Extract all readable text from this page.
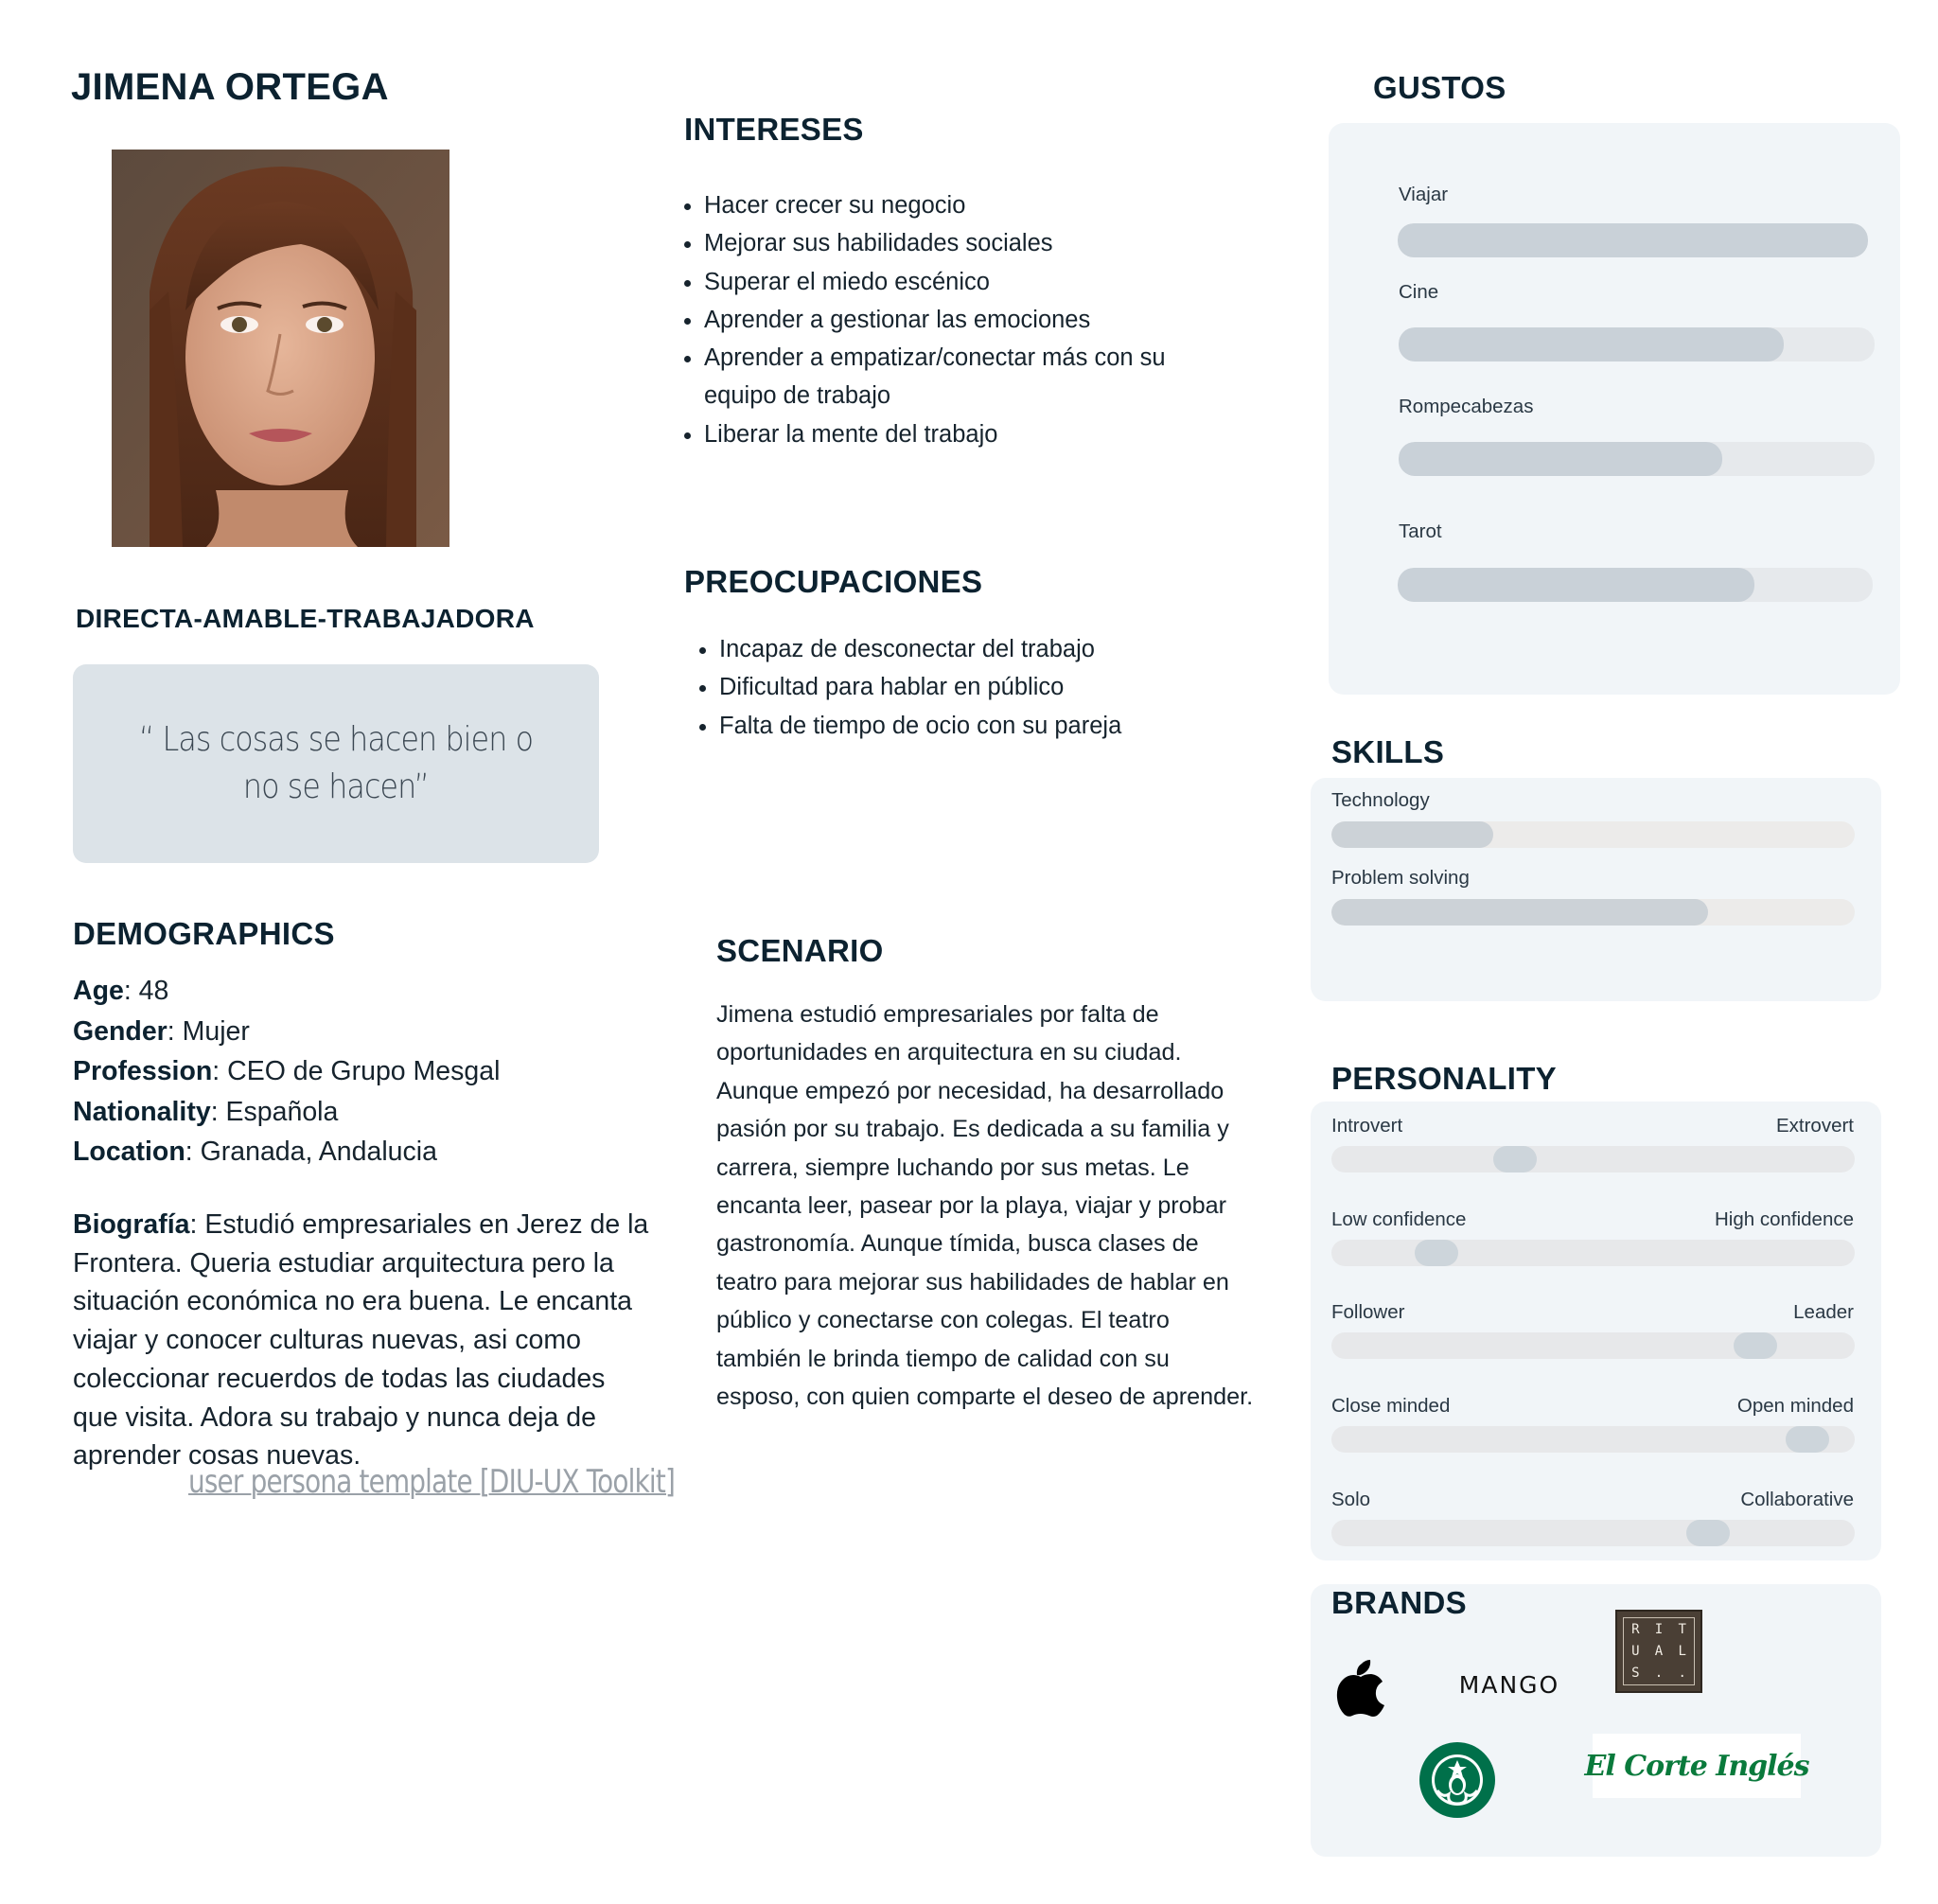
JIMENA ORTEGA
DIRECTA-AMABLE-TRABAJADORA
“ Las cosas se hacen bien o no se hacen”
DEMOGRAPHICS
Age: 48
Gender: Mujer
Profession: CEO de Grupo Mesgal
Nationality: Española
Location: Granada, Andalucia
Biografía: Estudió empresariales en Jerez de la Frontera. Queria estudiar arquitectura pero la situación económica no era buena. Le encanta viajar y conocer culturas nuevas, asi como coleccionar recuerdos de todas las ciudades que visita. Adora su trabajo y nunca deja de aprender cosas nuevas.
user persona template [DIU-UX Toolkit]
INTERESES
Hacer crecer su negocio
Mejorar sus habilidades sociales
Superar el miedo escénico
Aprender a gestionar las emociones
Aprender a empatizar/conectar más con su equipo de trabajo
Liberar la mente del trabajo
PREOCUPACIONES
Incapaz de desconectar del trabajo
Dificultad para hablar en público
Falta de tiempo de ocio con su pareja
SCENARIO
Jimena estudió empresariales por falta de oportunidades en arquitectura en su ciudad. Aunque empezó por necesidad, ha desarrollado pasión por su trabajo. Es dedicada a su familia y carrera, siempre luchando por sus metas. Le encanta leer, pasear por la playa, viajar y probar gastronomía. Aunque tímida, busca clases de teatro para mejorar sus habilidades de hablar en público y conectarse con colegas. El teatro también le brinda tiempo de calidad con su esposo, con quien comparte el deseo de aprender.
GUSTOS
Viajar
Cine
Rompecabezas
Tarot
SKILLS
Technology
Problem solving
PERSONALITY
Introvert	Extrovert
Low confidence	High confidence
Follower	Leader
Close minded	Open minded
Solo	Collaborative
BRANDS
MANGO
R I T
U A L
S . .
El Corte Inglés
